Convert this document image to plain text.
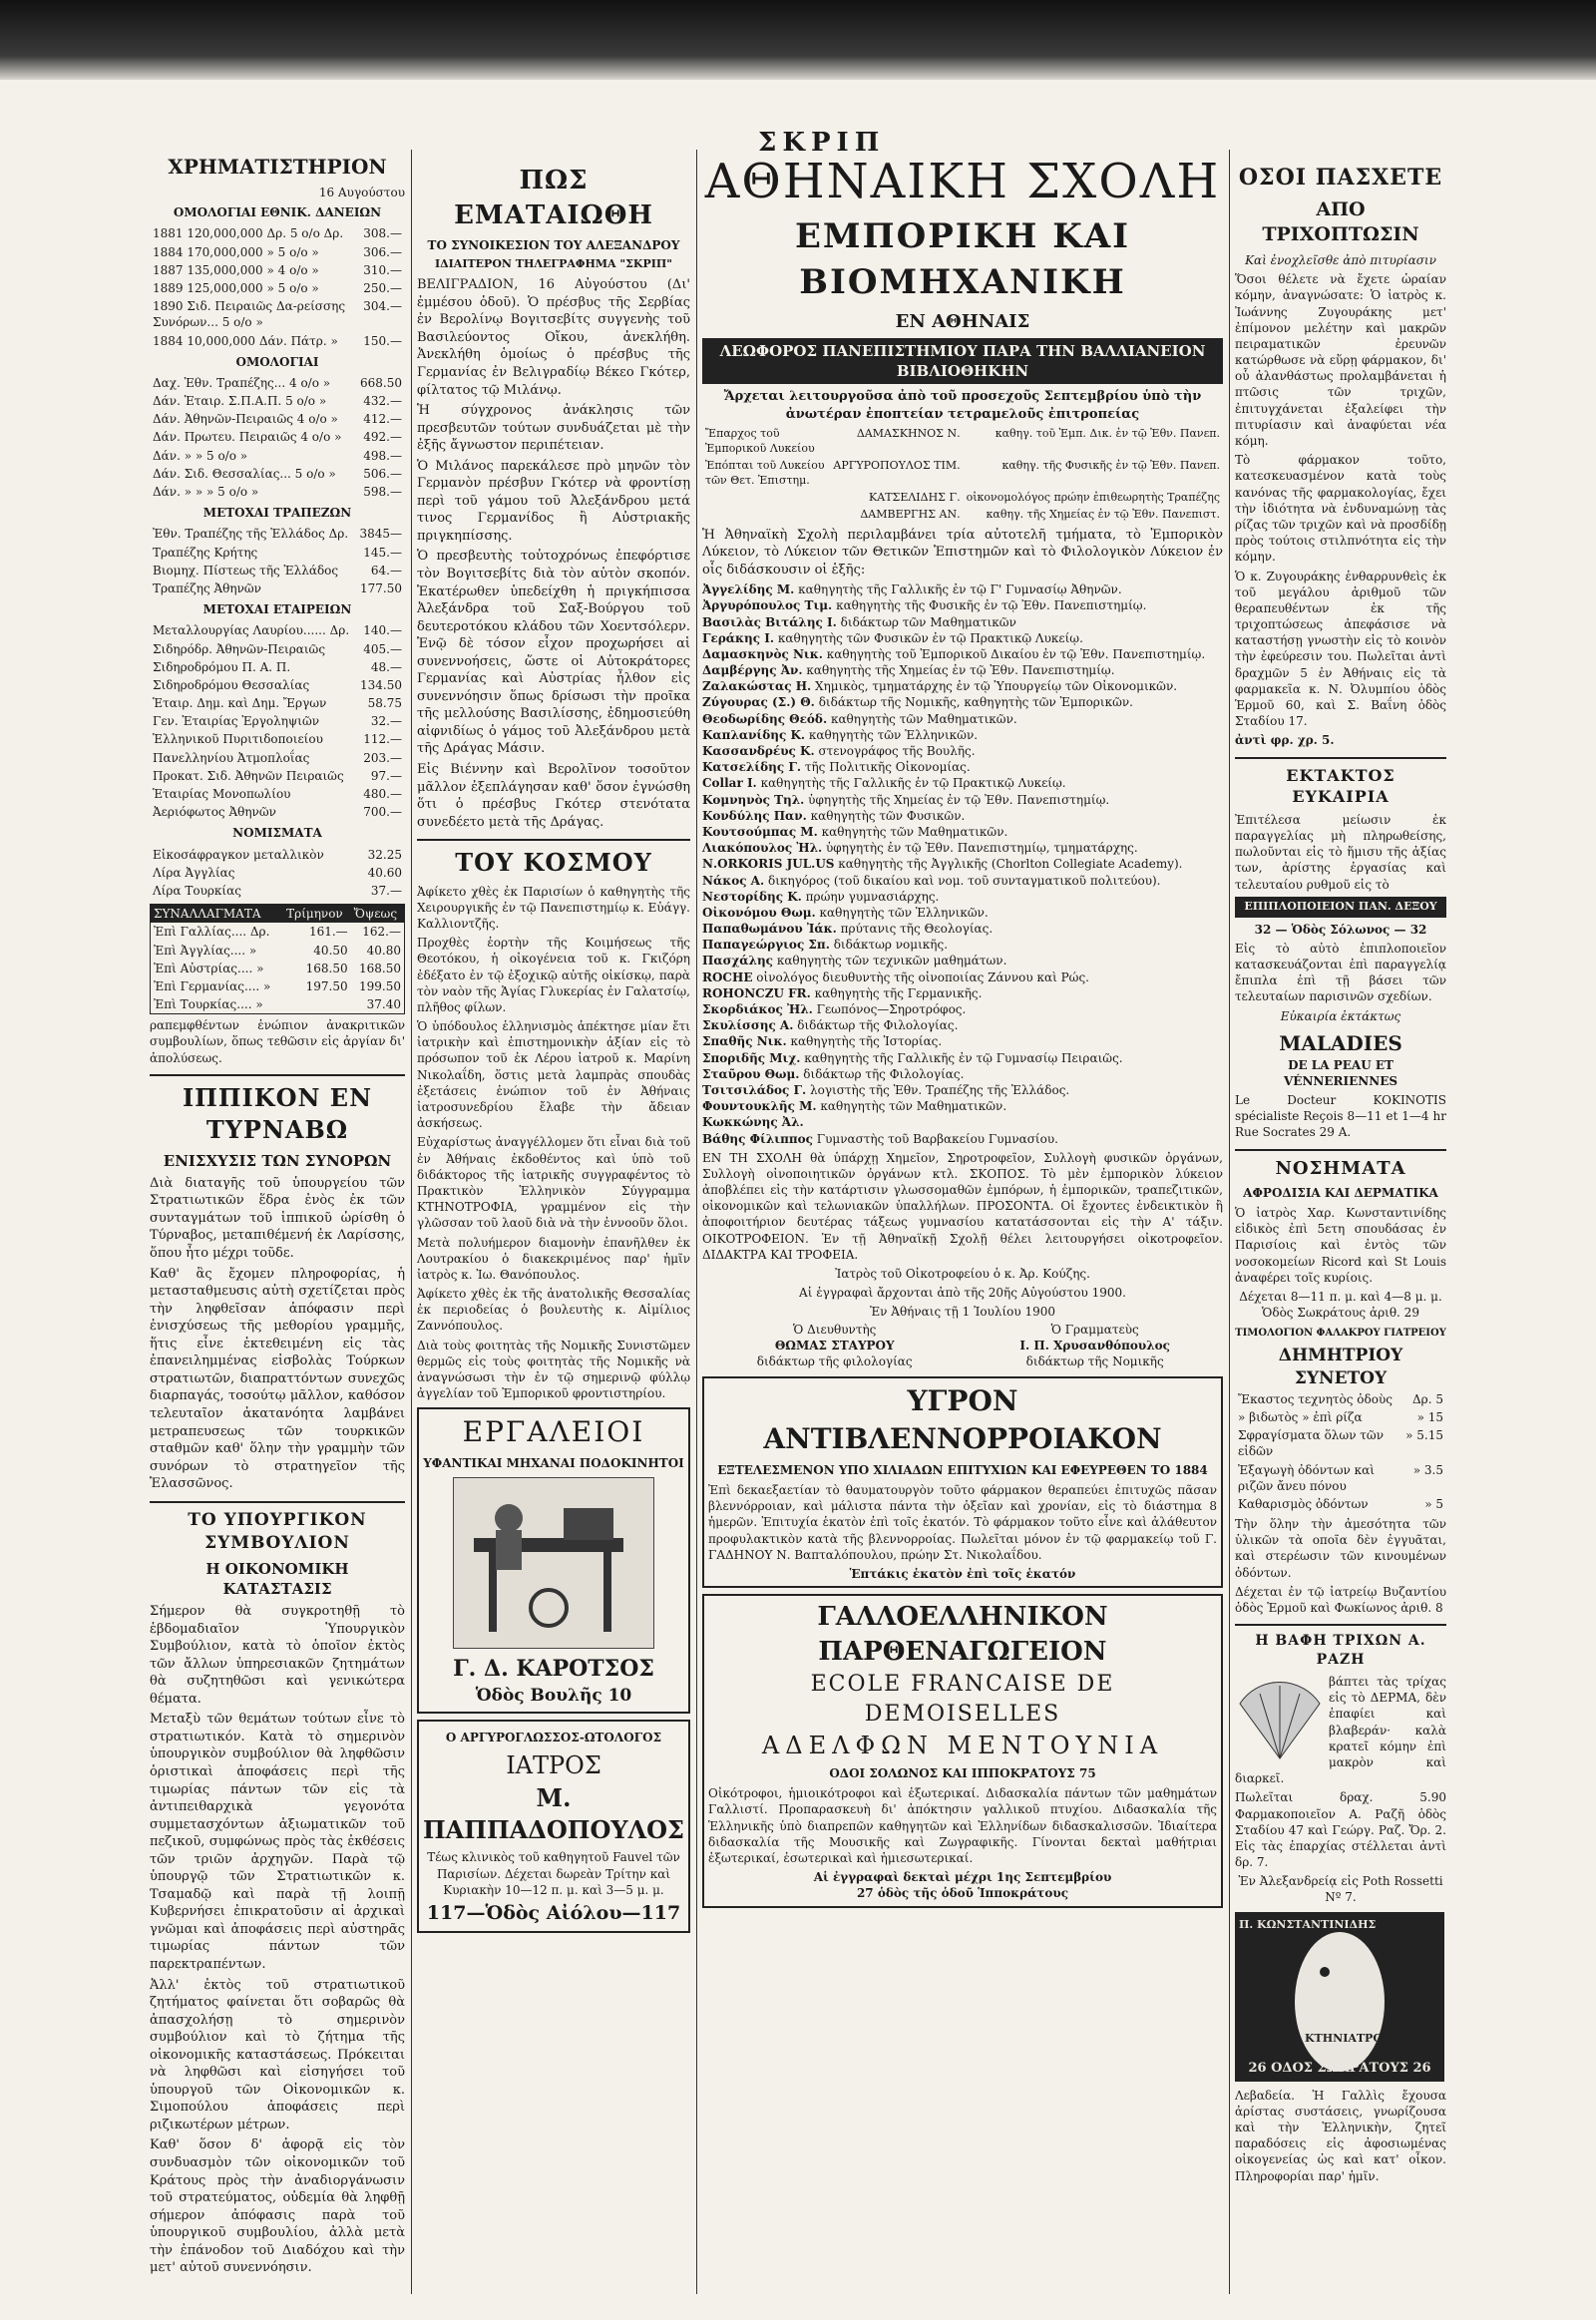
ΣΚΡΙΠ
ΧΡΗΜΑΤΙΣΤΗΡΙΟΝ
16 Αυγούστου
ΟΜΟΛΟΓΙΑΙ ΕΘΝΙΚ. ΔΑΝΕΙΩΝ
1881 120,000,000 Δρ. 5 ο/ο Δρ.	308.—
1884 170,000,000 » 5 ο/ο »	306.—
1887 135,000,000 » 4 ο/ο »	310.—
1889 125,000,000 » 5 ο/ο »	250.—
1890 Σιδ. Πειραιῶς Δα-ρείσσης Συνόρων... 5 ο/ο »	304.—
1884 10,000,000 Δάν. Πάτρ. »	150.—
ΟΜΟΛΟΓΙΑΙ
Δαχ. Ἐθν. Τραπέζης... 4 ο/ο »	668.50
Δάν. Ἑταιρ. Σ.Π.Α.Π. 5 ο/ο »	432.—
Δάν. Ἀθηνῶν-Πειραιῶς 4 ο/ο »	412.—
Δάν. Πρωτευ. Πειραιῶς 4 ο/ο »	492.—
Δάν. » » 5 ο/ο »	498.—
Δάν. Σιδ. Θεσσαλίας... 5 ο/ο »	506.—
Δάν. » » » 5 ο/ο »	598.—
ΜΕΤΟΧΑΙ ΤΡΑΠΕΖΩΝ
Ἐθν. Τραπέζης τῆς Ἑλλάδος Δρ.	3845—
Τραπέζης Κρήτης	145.—
Βιομηχ. Πίστεως τῆς Ἑλλάδος	64.—
Τραπέζης Ἀθηνῶν	177.50
ΜΕΤΟΧΑΙ ΕΤΑΙΡΕΙΩΝ
Μεταλλουργίας Λαυρίου...... Δρ.	140.—
Σιδηρόδρ. Ἀθηνῶν-Πειραιῶς	405.—
Σιδηροδρόμου Π. Α. Π.	48.—
Σιδηροδρόμου Θεσσαλίας	134.50
Ἑταιρ. Δημ. καὶ Δημ. Ἔργων	58.75
Γεν. Ἑταιρίας Ἐργοληψιῶν	32.—
Ἑλληνικοῦ Πυριτιδοποιείου	112.—
Πανελληνίου Ἀτμοπλοΐας	203.—
Προκατ. Σιδ. Ἀθηνῶν Πειραιῶς	97.—
Ἑταιρίας Μονοπωλίου	480.—
Ἀεριόφωτος Ἀθηνῶν	700.—
ΝΟΜΙΣΜΑΤΑ
Εἰκοσάφραγκον μεταλλικὸν	32.25
Λίρα Ἀγγλίας	40.60
Λίρα Τουρκίας	37.—
ΣΥΝΑΛΛΑΓΜΑΤΑ	Τρίμηνον	Ὄψεως
Ἐπὶ Γαλλίας.... Δρ.	161.—	162.—
Ἐπὶ Ἀγγλίας.... »	40.50	40.80
Ἐπὶ Αὐστρίας.... »	168.50	168.50
Ἐπὶ Γερμανίας.... »	197.50	199.50
Ἐπὶ Τουρκίας.... »		37.40

ραπεμφθέντων ἐνώπιον ἀνακριτικῶν συμβουλίων, ὅπως τεθῶσιν εἰς ἀργίαν δι' ἀπολύσεως.

ΙΠΠΙΚΟΝ ΕΝ ΤΥΡΝΑΒΩ
ΕΝΙΣΧΥΣΙΣ ΤΩΝ ΣΥΝΟΡΩΝ

Διὰ διαταγῆς τοῦ ὑπουργείου τῶν Στρατιωτικῶν ἕδρα ἐνὸς ἐκ τῶν συνταγμάτων τοῦ ἱππικοῦ ὡρίσθη ὁ Τύρναβος, μεταπιθέμενή ἐκ Λαρίσσης, ὅπου ἦτο μέχρι τοῦδε.

Καθ' ἃς ἔχομεν πληροφορίας, ἡ μετασταθμευσις αὐτὴ σχετίζεται πρὸς τὴν ληφθεῖσαν ἀπόφασιν περὶ ἐνισχύσεως τῆς μεθορίου γραμμῆς, ἥτις εἶνε ἐκτεθειμένη εἰς τὰς ἐπανειλημμένας εἰσβολὰς Τούρκων στρατιωτῶν, διαπραττόντων συνεχῶς διαρπαγάς, τοσούτῳ μᾶλλον, καθόσον τελευταῖον ἀκατανόητα λαμβάνει μετραπευσεως τῶν τουρκικῶν σταθμῶν καθ' ὅλην τὴν γραμμὴν τῶν συνόρων τὸ στρατηγεῖον τῆς Ἐλασσῶνος.

ΤΟ ΥΠΟΥΡΓΙΚΟΝ ΣΥΜΒΟΥΛΙΟΝ
Η ΟΙΚΟΝΟΜΙΚΗ ΚΑΤΑΣΤΑΣΙΣ

Σήμερον θὰ συγκροτηθῇ τὸ ἑβδομαδιαῖον Ὑπουργικὸν Συμβούλιον, κατὰ τὸ ὁποῖον ἐκτὸς τῶν ἄλλων ὑπηρεσιακῶν ζητημάτων θὰ συζητηθῶσι καὶ γενικώτερα θέματα.

Μεταξὺ τῶν θεμάτων τούτων εἶνε τὸ στρατιωτικόν. Κατὰ τὸ σημερινὸν ὑπουργικὸν συμβούλιον θὰ ληφθῶσιν ὁριστικαὶ ἀποφάσεις περὶ τῆς τιμωρίας πάντων τῶν εἰς τὰ ἀντιπειθαρχικὰ γεγονότα συμμετασχόντων ἀξιωματικῶν τοῦ πεζικοῦ, συμφώνως πρὸς τὰς ἐκθέσεις τῶν τριῶν ἀρχηγῶν. Παρὰ τῷ ὑπουργῷ τῶν Στρατιωτικῶν κ. Τσαμαδῷ καὶ παρὰ τῇ λοιπῇ Κυβερνήσει ἐπικρατοῦσιν αἱ ἀρχικαὶ γνῶμαι καὶ ἀποφάσεις περὶ αὐστηρᾶς τιμωρίας πάντων τῶν παρεκτραπέντων.

Ἀλλ' ἐκτὸς τοῦ στρατιωτικοῦ ζητήματος φαίνεται ὅτι σοβαρῶς θὰ ἀπασχολήσῃ τὸ σημερινὸν συμβούλιον καὶ τὸ ζήτημα τῆς οἰκονομικῆς καταστάσεως. Πρόκειται νὰ ληφθῶσι καὶ εἰσηγήσει τοῦ ὑπουργοῦ τῶν Οἰκονομικῶν κ. Σιμοπούλου ἀποφάσεις περὶ ριζικωτέρων μέτρων.

Καθ' ὅσον δ' ἀφορᾷ εἰς τὸν συνδυασμὸν τῶν οἰκονομικῶν τοῦ Κράτους πρὸς τὴν ἀναδιοργάνωσιν τοῦ στρατεύματος, οὐδεμία θὰ ληφθῇ σήμερον ἀπόφασις παρὰ τοῦ ὑπουργικοῦ συμβουλίου, ἀλλὰ μετὰ τὴν ἐπάνοδον τοῦ Διαδόχου καὶ τὴν μετ' αὐτοῦ συνεννόησιν.

ΠΩΣ ΕΜΑΤΑΙΩΘΗ
ΤΟ ΣΥΝΟΙΚΕΣΙΟΝ ΤΟΥ ΑΛΕΞΑΝΔΡΟΥ
ΙΔΙΑΙΤΕΡΟΝ ΤΗΛΕΓΡΑΦΗΜΑ "ΣΚΡΙΠ"

ΒΕΛΙΓΡΑΔΙΟΝ, 16 Αὐγούστου (Δι' ἐμμέσου ὁδοῦ). Ὁ πρέσβυς τῆς Σερβίας ἐν Βερολίνῳ Βογιτσεβίτς συγγενὴς τοῦ Βασιλεύοντος Οἴκου, ἀνεκλήθη. Ἀνεκλήθη ὁμοίως ὁ πρέσβυς τῆς Γερμανίας ἐν Βελιγραδίῳ Βέκεο Γκότερ, φίλτατος τῷ Μιλάνῳ.

Ἡ σύγχρονος ἀνάκλησις τῶν πρεσβευτῶν τούτων συνδυάζεται μὲ τὴν ἐξῆς ἄγνωστον περιπέτειαν.

Ὁ Μιλάνος παρεκάλεσε πρὸ μηνῶν τὸν Γερμανὸν πρέσβυν Γκότερ νὰ φροντίσῃ περὶ τοῦ γάμου τοῦ Ἀλεξάνδρου μετά τινος Γερμανίδος ἢ Αὐστριακῆς πριγκηπίσσης.

Ὁ πρεσβευτὴς τοὐτοχρόνως ἐπεφόρτισε τὸν Βογιτσεβίτς διὰ τὸν αὐτὸν σκοπόν. Ἐκατέρωθεν ὑπεδείχθη ἡ πριγκήπισσα Ἀλεξάνδρα τοῦ Σαξ-Βούργου τοῦ δευτεροτόκου κλάδου τῶν Χοεντσόλερν. Ἐνῷ δὲ τόσον εἶχον προχωρήσει αἱ συνεννοήσεις, ὥστε οἱ Αὐτοκράτορες Γερμανίας καὶ Αὐστρίας ἦλθον εἰς συνεννόησιν ὅπως δρίσωσι τὴν προῖκα τῆς μελλούσης Βασιλίσσης, ἐδημοσιεύθη αἰφνιδίως ὁ γάμος τοῦ Ἀλεξάνδρου μετὰ τῆς Δράγας Μάσιν.

Εἰς Βιέννην καὶ Βερολῖνον τοσοῦτον μᾶλλον ἐξεπλάγησαν καθ' ὅσον ἐγνώσθη ὅτι ὁ πρέσβυς Γκότερ στενότατα συνεδέετο μετὰ τῆς Δράγας.

ΤΟΥ ΚΟΣΜΟΥ

Ἀφίκετο χθὲς ἐκ Παρισίων ὁ καθηγητὴς τῆς Χειρουργικῆς ἐν τῷ Πανεπιστημίῳ κ. Εὐάγγ. Καλλιοντζῆς.

Προχθὲς ἑορτὴν τῆς Κοιμήσεως τῆς Θεοτόκου, ἡ οἰκογένεια τοῦ κ. Γκιζόρη ἐδέξατο ἐν τῷ ἐξοχικῷ αὐτῆς οἰκίσκῳ, παρὰ τὸν ναὸν τῆς Ἁγίας Γλυκερίας ἐν Γαλατσίῳ, πλῆθος φίλων.

Ὁ ὑπόδουλος ἑλληνισμὸς ἀπέκτησε μίαν ἔτι ἰατρικὴν καὶ ἐπιστημονικὴν ἀξίαν εἰς τὸ πρόσωπον τοῦ ἐκ Λέρου ἰατροῦ κ. Μαρίνη Νικολαΐδη, ὅστις μετὰ λαμπρὰς σπουδὰς ἐξετάσεις ἐνώπιον τοῦ ἐν Ἀθήναις ἰατροσυνεδρίου ἔλαβε τὴν ἄδειαν ἀσκήσεως.

Εὐχαρίστως ἀναγγέλλομεν ὅτι εἶναι διὰ τοῦ ἐν Ἀθήναις ἐκδοθέντος καὶ ὑπὸ τοῦ διδάκτορος τῆς ἰατρικῆς συγγραφέντος τὸ Πρακτικὸν Ἑλληνικὸν Σύγγραμμα ΚΤΗΝΟΤΡΟΦΙΑ, γραμμένον εἰς τὴν γλῶσσαν τοῦ λαοῦ διὰ νὰ τὴν ἐννοοῦν ὅλοι.

Μετὰ πολυήμερον διαμονὴν ἐπανῆλθεν ἐκ Λουτρακίου ὁ διακεκριμένος παρ' ἡμῖν ἰατρὸς κ. Ἰω. Θανόπουλος.

Ἀφίκετο χθὲς ἐκ τῆς ἀνατολικῆς Θεσσαλίας ἐκ περιοδείας ὁ βουλευτὴς κ. Αἰμίλιος Ζαννόπουλος.

Διὰ τοὺς φοιτητὰς τῆς Νομικῆς Συνιστῶμεν θερμῶς εἰς τοὺς φοιτητὰς τῆς Νομικῆς νὰ ἀναγνώσωσι τὴν ἐν τῷ σημερινῷ φύλλῳ ἀγγελίαν τοῦ Ἐμπορικοῦ φροντιστηρίου.

ΕΡΓΑΛΕΙΟΙ
ΥΦΑΝΤΙΚΑΙ ΜΗΧΑΝΑΙ ΠΟΔΟΚΙΝΗΤΟΙ
Γ. Δ. ΚΑΡΟΤΣΟΣ
Ὁδὸς Βουλῆς 10
Ο ΑΡΓΥΡΟΓΛΩΣΣΟΣ-ΩΤΟΛΟΓΟΣ
ΙΑΤΡΟΣ
Μ. ΠΑΠΠΑΔΟΠΟΥΛΟΣ

Τέως κλινικὸς τοῦ καθηγητοῦ Fauvel τῶν Παρισίων. Δέχεται δωρεὰν Τρίτην καὶ Κυριακὴν 10—12 π. μ. καὶ 3—5 μ. μ.

117—Ὁδὸς Αἰόλου—117
ΑΘΗΝΑΙΚΗ ΣΧΟΛΗ
ΕΜΠΟΡΙΚΗ ΚΑΙ ΒΙΟΜΗΧΑΝΙΚΗ
ΕΝ ΑΘΗΝΑΙΣ
ΛΕΩΦΟΡΟΣ ΠΑΝΕΠΙΣΤΗΜΙΟΥ ΠΑΡΑ ΤΗΝ ΒΑΛΛΙΑΝΕΙΟΝ ΒΙΒΛΙΟΘΗΚΗΝ

Ἄρχεται λειτουργοῦσα ἀπὸ τοῦ προσεχοῦς Σεπτεμβρίου ὑπὸ τὴν ἀνωτέραν ἐποπτείαν τετραμελοῦς ἐπιτροπείας

Ἔπαρχος τοῦ Ἐμπορικοῦ Λυκείου	ΔΑΜΑΣΚΗΝΟΣ Ν.	καθηγ. τοῦ Ἐμπ. Δικ. ἐν τῷ Ἐθν. Πανεπ.
Ἐπόπται τοῦ Λυκείου τῶν Θετ. Ἐπιστημ.	ΑΡΓΥΡΟΠΟΥΛΟΣ ΤΙΜ.	καθηγ. τῆς Φυσικῆς ἐν τῷ Ἐθν. Πανεπ.
	ΚΑΤΣΕΛΙΔΗΣ Γ.	οἰκονομολόγος πρώην ἐπιθεωρητὴς Τραπέζης
	ΔΑΜΒΕΡΓΗΣ ΑΝ.	καθηγ. τῆς Χημείας ἐν τῷ Ἐθν. Πανεπιστ.

Ἡ Ἀθηναϊκὴ Σχολὴ περιλαμβάνει τρία αὐτοτελῆ τμήματα, τὸ Ἐμπορικὸν Λύκειον, τὸ Λύκειον τῶν Θετικῶν Ἐπιστημῶν καὶ τὸ Φιλολογικὸν Λύκειον ἐν οἷς διδάσκουσιν οἱ ἑξῆς:

Ἀγγελίδης Μ. καθηγητὴς τῆς Γαλλικῆς ἐν τῷ Γ' Γυμνασίῳ Ἀθηνῶν.
Ἀργυρόπουλος Τιμ. καθηγητὴς τῆς Φυσικῆς ἐν τῷ Ἐθν. Πανεπιστημίῳ.
Βασιλὰς Βιτάλης Ι. διδάκτωρ τῶν Μαθηματικῶν
Γεράκης Ι. καθηγητὴς τῶν Φυσικῶν ἐν τῷ Πρακτικῷ Λυκείῳ.
Δαμασκηνὸς Νικ. καθηγητὴς τοῦ Ἐμπορικοῦ Δικαίου ἐν τῷ Ἐθν. Πανεπιστημίῳ.
Δαμβέργης Ἀν. καθηγητὴς τῆς Χημείας ἐν τῷ Ἐθν. Πανεπιστημίῳ.
Ζαλακώστας Η. Χημικὸς, τμηματάρχης ἐν τῷ Ὑπουργείῳ τῶν Οἰκονομικῶν.
Ζύγουρας (Σ.) Θ. διδάκτωρ τῆς Νομικῆς, καθηγητὴς τῶν Ἐμπορικῶν.
Θεοδωρίδης Θεόδ. καθηγητὴς τῶν Μαθηματικῶν.
Καπλανίδης Κ. καθηγητὴς τῶν Ἑλληνικῶν.
Κασσανδρέυς Κ. στενογράφος τῆς Βουλῆς.
Κατσελίδης Γ. τῆς Πολιτικῆς Οἰκονομίας.
Collar I. καθηγητὴς τῆς Γαλλικῆς ἐν τῷ Πρακτικῷ Λυκείῳ.
Κομνηνὸς Τηλ. ὑφηγητὴς τῆς Χημείας ἐν τῷ Ἐθν. Πανεπιστημίῳ.
Κονδύλης Παν. καθηγητὴς τῶν Φυσικῶν.
Κουτσούμπας Μ. καθηγητὴς τῶν Μαθηματικῶν.
Λιακόπουλος Ἠλ. ὑφηγητὴς ἐν τῷ Ἐθν. Πανεπιστημίῳ, τμηματάρχης.
Ν.ORKORIS JUL.US καθηγητὴς τῆς Ἀγγλικῆς (Chorlton Collegiate Academy).
Νάκος Α. δικηγόρος (τοῦ δικαίου καὶ νομ. τοῦ συνταγματικοῦ πολιτεύου).
Νεστορίδης Κ. πρώην γυμνασιάρχης.
Οἰκονόμου Θωμ. καθηγητὴς τῶν Ἑλληνικῶν.
Παπαθωμάνου Ἰάκ. πρύτανις τῆς Θεολογίας.
Παπαγεώργιος Σπ. διδάκτωρ νομικῆς.
Πασχάλης καθηγητὴς τῶν τεχνικῶν μαθημάτων.
ROCHE οἰνολόγος διευθυντὴς τῆς οἰνοποιίας Ζάννου καὶ Ρώς.
ROHONCZU FR. καθηγητὴς τῆς Γερμανικῆς.
Σκορδιάκος Ἠλ. Γεωπόνος—Σηροτρόφος.
Σκυλίσσης Α. διδάκτωρ τῆς Φιλολογίας.
Σπαθῆς Νικ. καθηγητὴς τῆς Ἱστορίας.
Σποριδῆς Μιχ. καθηγητὴς τῆς Γαλλικῆς ἐν τῷ Γυμνασίῳ Πειραιῶς.
Σταῦρου Θωμ. διδάκτωρ τῆς Φιλολογίας.
Τσιτσιλάδος Γ. λογιστὴς τῆς Ἐθν. Τραπέζης τῆς Ἑλλάδος.
Φουντουκλῆς Μ. καθηγητὴς τῶν Μαθηματικῶν.
Κωκκώνης Ἀλ.
Βάθης Φίλιππος Γυμναστὴς τοῦ Βαρβακείου Γυμνασίου.

ΕΝ ΤΗ ΣΧΟΛΗ θὰ ὑπάρχῃ Χημεῖον, Σηροτροφεῖον, Συλλογὴ φυσικῶν ὀργάνων, Συλλογὴ οἰνοποιητικῶν ὀργάνων κτλ. ΣΚΟΠΟΣ. Τὸ μὲν ἐμπορικὸν λύκειον ἀποβλέπει εἰς τὴν κατάρτισιν γλωσσομαθῶν ἐμπόρων, ἡ ἐμπορικῶν, τραπεζιτικῶν, οἰκονομικῶν καὶ τελωνιακῶν ὑπαλλήλων. ΠΡΟΣΟΝΤΑ. Οἱ ἔχοντες ἐνδεικτικὸν ἢ ἀποφοιτήριον δευτέρας τάξεως γυμνασίου κατατάσσονται εἰς τὴν Α' τάξιν. ΟΙΚΟΤΡΟΦΕΙΟΝ. Ἐν τῇ Ἀθηναϊκῇ Σχολῇ θέλει λειτουργήσει οἰκοτροφεῖον. ΔΙΔΑΚΤΡΑ ΚΑΙ ΤΡΟΦΕΙΑ.

Ἰατρὸς τοῦ Οἰκοτροφείου ὁ κ. Ἀρ. Κούζης.

Αἱ ἐγγραφαὶ ἄρχονται ἀπὸ τῆς 20ῆς Αὐγούστου 1900.

Ἐν Ἀθήναις τῇ 1 Ἰουλίου 1900
Ὁ Διευθυντὴς
ΘΩΜΑΣ ΣΤΑΥΡΟΥ
διδάκτωρ τῆς φιλολογίας

Ὁ Γραμματεὺς
Ι. Π. Χρυσανθόπουλος
διδάκτωρ τῆς Νομικῆς
ΥΓΡΟΝ ΑΝΤΙΒΛΕΝΝΟΡΡΟΙΑΚΟΝ
ΕΞΤΕΛΕΣΜΕΝΟΝ ΥΠΟ ΧΙΛΙΑΔΩΝ ΕΠΙΤΥΧΙΩΝ ΚΑΙ ΕΦΕΥΡΕΘΕΝ ΤΟ 1884

Ἐπὶ δεκαεξαετίαν τὸ θαυματουργὸν τοῦτο φάρμακον θεραπεύει ἐπιτυχῶς πᾶσαν βλεννόρροιαν, καὶ μάλιστα πάντα τὴν ὀξεῖαν καὶ χρονίαν, εἰς τὸ διάστημα 8 ἡμερῶν. Ἐπιτυχία ἑκατὸν ἐπὶ τοῖς ἑκατόν. Τὸ φάρμακον τοῦτο εἶνε καὶ ἀλάθευτον προφυλακτικὸν κατὰ τῆς βλεννορροίας. Πωλεῖται μόνον ἐν τῷ φαρμακείῳ τοῦ Γ. ΓΑΔΗΝΟΥ Ν. Βαπταλόπουλου, πρώην Στ. Νικολαΐδου.

Ἑπτάκις ἑκατὸν ἐπὶ τοῖς ἑκατόν
ΓΑΛΛΟΕΛΛΗΝΙΚΟΝ ΠΑΡΘΕΝΑΓΩΓΕΙΟΝ
ECOLE FRANCAISE DE DEMOISELLES
ΑΔΕΛΦΩΝ ΜΕΝΤΟΥΝΙΑ
ΟΔΟΙ ΣΟΛΩΝΟΣ ΚΑΙ ΙΠΠΟΚΡΑΤΟΥΣ 75

Οἰκότροφοι, ἡμιοικότροφοι καὶ ἐξωτερικαί. Διδασκαλία πάντων τῶν μαθημάτων Γαλλιστί. Προπαρασκευὴ δι' ἀπόκτησιν γαλλικοῦ πτυχίου. Διδασκαλία τῆς Ἑλληνικῆς ὑπὸ διαπρεπῶν καθηγητῶν καὶ Ἑλληνίδων διδασκαλισσῶν. Ἰδιαίτερα διδασκαλία τῆς Μουσικῆς καὶ Ζωγραφικῆς. Γίνονται δεκταὶ μαθήτριαι ἐξωτερικαί, ἐσωτερικαὶ καὶ ἡμιεσωτερικαί.

Αἱ ἐγγραφαὶ δεκταὶ μέχρι 1ης Σεπτεμβρίου
27 ὁδὸς τῆς ὁδοῦ Ἱπποκράτους
ΟΣΟΙ ΠΑΣΧΕΤΕ
ΑΠΟ ΤΡΙΧΟΠΤΩΣΙΝ
Καὶ ἐνοχλεῖσθε ἀπὸ πιτυρίασιν

Ὅσοι θέλετε νὰ ἔχετε ὡραίαν κόμην, ἀναγνώσατε: Ὁ ἰατρὸς κ. Ἰωάννης Ζυγουράκης μετ' ἐπίμονον μελέτην καὶ μακρῶν πειραματικῶν ἐρευνῶν κατώρθωσε νὰ εὕρῃ φάρμακον, δι' οὗ ἀλανθάστως προλαμβάνεται ἡ πτῶσις τῶν τριχῶν, ἐπιτυγχάνεται ἐξαλείφει τὴν πιτυρίασιν καὶ ἀναφύεται νέα κόμη.

Τὸ φάρμακον τοῦτο, κατεσκευασμένον κατὰ τοὺς κανόνας τῆς φαρμακολογίας, ἔχει τὴν ἰδιότητα νὰ ἐνδυναμώνῃ τὰς ρίζας τῶν τριχῶν καὶ νὰ προσδίδῃ πρὸς τούτοις στιλπνότητα εἰς τὴν κόμην.

Ὁ κ. Ζυγουράκης ἐνθαρρυνθεὶς ἐκ τοῦ μεγάλου ἀριθμοῦ τῶν θεραπευθέντων ἐκ τῆς τριχοπτώσεως ἀπεφάσισε νὰ καταστήσῃ γνωστὴν εἰς τὸ κοινὸν τὴν ἐφεύρεσιν του. Πωλεῖται ἀντὶ δραχμῶν 5 ἐν Ἀθήναις εἰς τὰ φαρμακεῖα κ. Ν. Ὀλυμπίου ὁδὸς Ἑρμοῦ 60, καὶ Σ. Βαΐνη ὁδὸς Σταδίου 17.

ἀντὶ φρ. χρ. 5.
ΕΚΤΑΚΤΟΣ ΕΥΚΑΙΡΙΑ

Ἐπιτέλεσα μείωσιν ἐκ παραγγελίας μὴ πληρωθείσης, πωλοῦνται εἰς τὸ ἥμισυ τῆς ἀξίας των, ἀρίστης ἐργασίας καὶ τελευταίου ρυθμοῦ εἰς τὸ

ΕΠΙΠΛΟΠΟΙΕΙΟΝ ΠΑΝ. ΔΕΞΟΥ
32 — Ὁδὸς Σόλωνος — 32

Εἰς τὸ αὐτὸ ἐπιπλοποιεῖον κατασκευάζονται ἐπὶ παραγγελίᾳ ἔπιπλα ἐπὶ τῇ βάσει τῶν τελευταίων παρισινῶν σχεδίων.

Εὐκαιρία ἐκτάκτως
MALADIES
DE LA PEAU ET VÉNNERIENNES

Le Docteur KOKINOTIS spécialiste Reçois 8—11 et 1—4 hr Rue Socrates 29 A.

ΝΟΣΗΜΑΤΑ
ΑΦΡΟΔΙΣΙΑ ΚΑΙ ΔΕΡΜΑΤΙΚΑ

Ὁ ἰατρὸς Χαρ. Κωνσταντινίδης εἰδικὸς ἐπὶ 5ετη σπουδάσας ἐν Παρισίοις καὶ ἐντὸς τῶν νοσοκομείων Ricord καὶ St Louis ἀναφέρει τοῖς κυρίοις.

Δέχεται 8—11 π. μ. καὶ 4—8 μ. μ.
Ὁδὸς Σωκράτους ἀριθ. 29
ΤΙΜΟΛΟΓΙΟΝ ΦΑΛΑΚΡΟΥ ΓΙΑΤΡΕΙΟΥ
ΔΗΜΗΤΡΙΟΥ ΣΥΝΕΤΟΥ
Ἔκαστος τεχνητὸς ὀδοὺς	Δρ. 5
» βιδωτὸς » ἐπὶ ρίζα	» 15
Σφραγίσματα ὅλων τῶν εἰδῶν	» 5.15
Ἐξαγωγὴ ὀδόντων καὶ ριζῶν ἄνευ πόνου	» 3.5
Καθαρισμὸς ὀδόντων	» 5

Τὴν ὅλην τὴν ἀμεσότητα τῶν ὑλικῶν τὰ οποῖα δὲν ἐγγυᾶται, καὶ στερέωσιν τῶν κινουμένων ὀδόντων.

Δέχεται ἐν τῷ ἰατρείῳ Βυζαντίου ὁδὸς Ἑρμοῦ καὶ Φωκίωνος ἀριθ. 8

Η ΒΑΦΗ ΤΡΙΧΩΝ Α. ΡΑΖΗ

βάπτει τὰς τρίχας εἰς τὸ ΔΕΡΜΑ, δὲν ἐπαφίει καὶ βλαβεράν· καλὰ κρατεῖ κόμην ἐπὶ μακρὸν καὶ διαρκεῖ.

Πωλεῖται δραχ. 5.90 Φαρμακοποιεῖον Α. Ραζῆ ὁδὸς Σταδίου 47 καὶ Γεώργ. Ραζ. Ὄρ. 2. Εἰς τὰς ἐπαρχίας στέλλεται ἀντὶ δρ. 7.

Ἐν Ἀλεξανδρείᾳ εἰς Pοth Rossetti Nº 7.
Π. ΚΩΝΣΤΑΝΤΙΝΙΔΗΣ
ΚΤΗΝΙΑΤΡΟΣ
26 ΟΔΟΣ ΣΩΚΡΑΤΟΥΣ 26

Λεβαδεία. Ἡ Γαλλὶς ἔχουσα ἀρίστας συστάσεις, γνωρίζουσα καὶ τὴν Ἑλληνικὴν, ζητεῖ παραδόσεις εἰς ἀφοσιωμένας οἰκογενείας ὡς καὶ κατ' οἶκον. Πληροφορίαι παρ' ἡμῖν.
